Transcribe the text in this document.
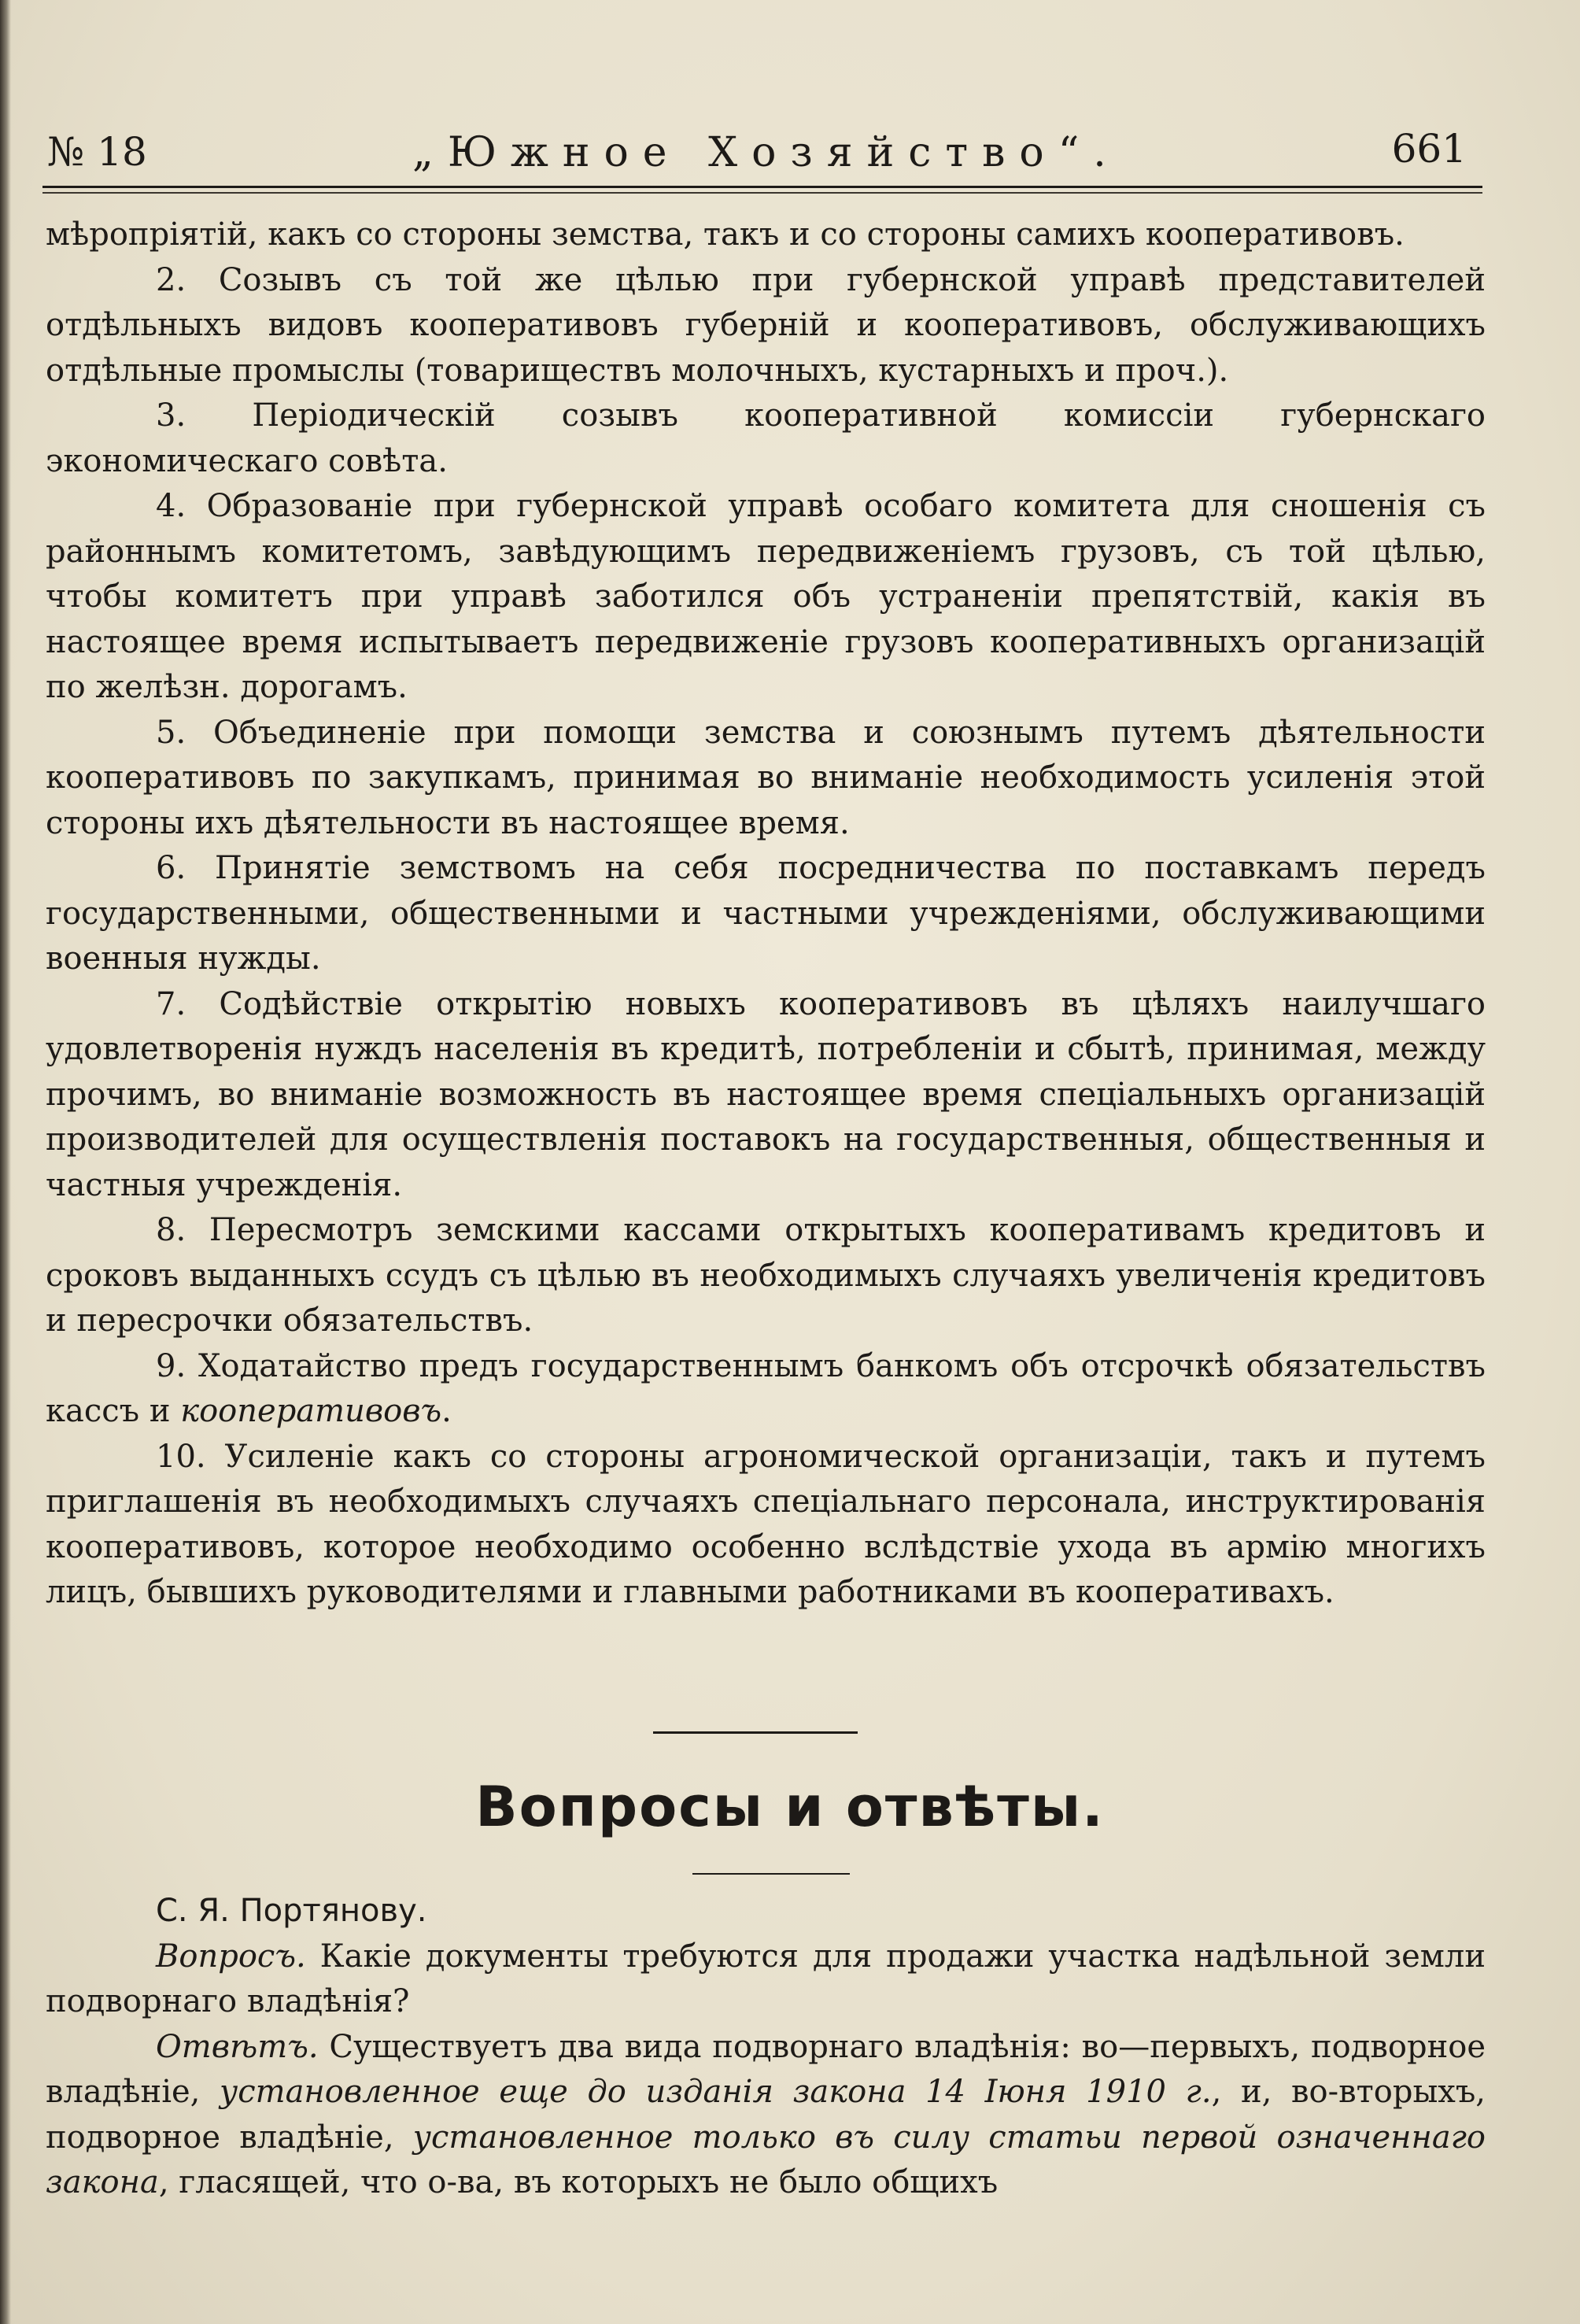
№ 18	„Южное Хозяйство“.	661

мѣропріятій, какъ со стороны земства, такъ и со стороны самихъ кооперативовъ.

2. Созывъ съ той же цѣлью при губернской управѣ представителей отдѣльныхъ видовъ кооперативовъ губерній и кооперативовъ, обслуживающихъ отдѣльные промыслы (товариществъ молочныхъ, кустарныхъ и проч.).

3. Періодическій созывъ кооперативной комиссіи губернскаго экономическаго совѣта.

4. Образованіе при губернской управѣ особаго комитета для сношенія съ районнымъ комитетомъ, завѣдующимъ передвиженіемъ грузовъ, съ той цѣлью, чтобы комитетъ при управѣ заботился объ устраненіи препятствій, какія въ настоящее время испытываетъ передвиженіе грузовъ кооперативныхъ организацій по желѣзн. дорогамъ.

5. Объединеніе при помощи земства и союзнымъ путемъ дѣятельности кооперативовъ по закупкамъ, принимая во вниманіе необходимость усиленія этой стороны ихъ дѣятельности въ настоящее время.

6. Принятіе земствомъ на себя посредничества по поставкамъ передъ государственными, общественными и частными учрежденіями, обслуживающими военныя нужды.

7. Содѣйствіе открытію новыхъ кооперативовъ въ цѣляхъ наилучшаго удовлетворенія нуждъ населенія въ кредитѣ, потребленіи и сбытѣ, принимая, между прочимъ, во вниманіе возможность въ настоящее время спеціальныхъ организацій производителей для осуществленія поставокъ на государственныя, общественныя и частныя учрежденія.

8. Пересмотръ земскими кассами открытыхъ кооперативамъ кредитовъ и сроковъ выданныхъ ссудъ съ цѣлью въ необходимыхъ случаяхъ увеличенія кредитовъ и пересрочки обязательствъ.

9. Ходатайство предъ государственнымъ банкомъ объ отсрочкѣ обязательствъ кассъ и кооперативовъ.

10. Усиленіе какъ со стороны агрономической организаціи, такъ и путемъ приглашенія въ необходимыхъ случаяхъ спеціальнаго персонала, инструктированія кооперативовъ, которое необходимо особенно вслѣдствіе ухода въ армію многихъ лицъ, бывшихъ руководителями и главными работниками въ кооперативахъ.

Вопросы и отвѣты.

С. Я. Портянову.

Вопросъ. Какіе документы требуются для продажи участка надѣльной земли подворнаго владѣнія?

Отвѣтъ. Существуетъ два вида подворнаго владѣнія: во—первыхъ, подворное владѣніе, установленное еще до изданія закона 14 Іюня 1910 г., и, во-вторыхъ, подворное владѣніе, установленное только въ силу статьи первой означеннаго закона, гласящей, что о-ва, въ которыхъ не было общихъ
